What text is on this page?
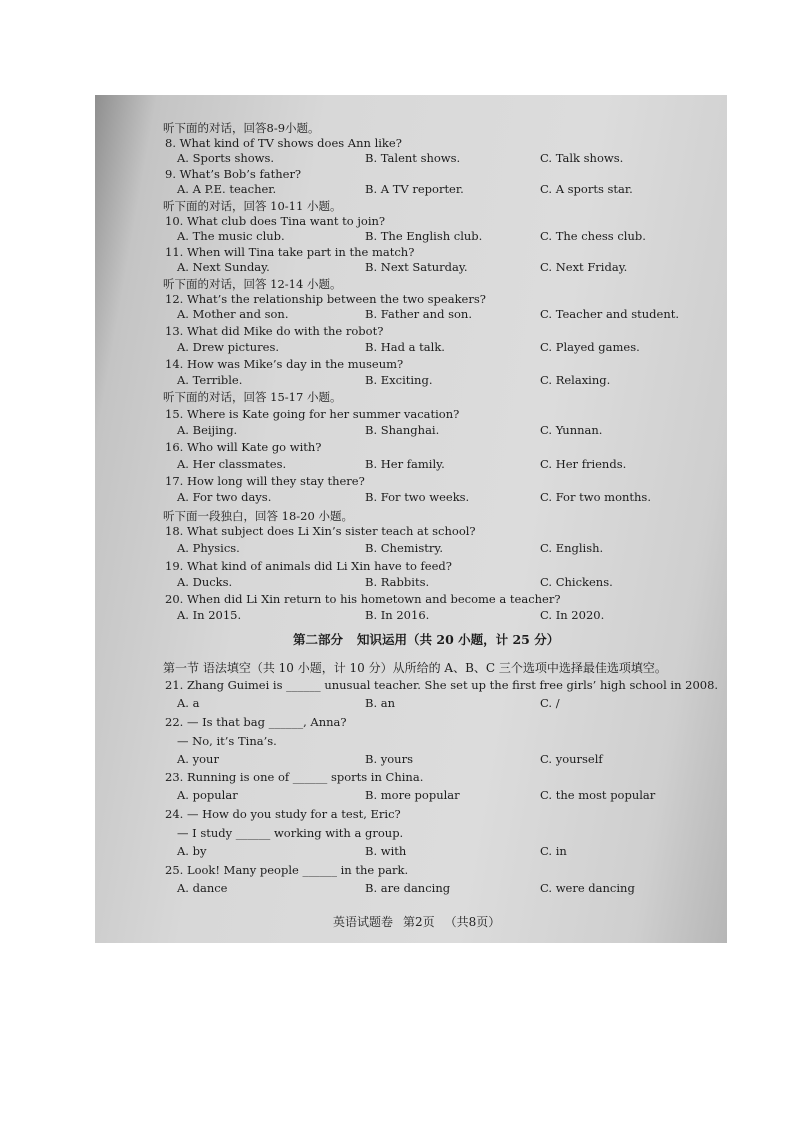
听下面的对话，回答8-9小题。
8. What kind of TV shows does Ann like?
A. Sports shows.	B. Talent shows.	C. Talk shows.
9. What’s Bob’s father?
A. A P.E. teacher.	B. A TV reporter.	C. A sports star.
听下面的对话，回答 10-11 小题。
10. What club does Tina want to join?
A. The music club.	B. The English club.	C. The chess club.
11. When will Tina take part in the match?
A. Next Sunday.	B. Next Saturday.	C. Next Friday.
听下面的对话，回答 12-14 小题。
12. What’s the relationship between the two speakers?
A. Mother and son.	B. Father and son.	C. Teacher and student.
13. What did Mike do with the robot?
A. Drew pictures.	B. Had a talk.	C. Played games.
14. How was Mike’s day in the museum?
A. Terrible.	B. Exciting.	C. Relaxing.
听下面的对话，回答 15-17 小题。
15. Where is Kate going for her summer vacation?
A. Beijing.	B. Shanghai.	C. Yunnan.
16. Who will Kate go with?
A. Her classmates.	B. Her family.	C. Her friends.
17. How long will they stay there?
A. For two days.	B. For two weeks.	C. For two months.
听下面一段独白，回答 18-20 小题。
18. What subject does Li Xin’s sister teach at school?
A. Physics.	B. Chemistry.	C. English.
19. What kind of animals did Li Xin have to feed?
A. Ducks.	B. Rabbits.	C. Chickens.
20. When did Li Xin return to his hometown and become a teacher?
A. In 2015.	B. In 2016.	C. In 2020.
第二部分 知识运用（共 20 小题，计 25 分）
第一节 语法填空（共 10 小题，计 10 分）从所给的 A、B、C 三个选项中选择最佳选项填空。
21. Zhang Guimei is ______ unusual teacher. She set up the first free girls’ high school in 2008.
A. a	B. an	C. /
22. — Is that bag ______, Anna?
— No, it’s Tina’s.
A. your	B. yours	C. yourself
23. Running is one of ______ sports in China.
A. popular	B. more popular	C. the most popular
24. — How do you study for a test, Eric?
— I study ______ working with a group.
A. by	B. with	C. in
25. Look! Many people ______ in the park.
A. dance	B. are dancing	C. were dancing
英语试题卷 第2页 （共8页）
